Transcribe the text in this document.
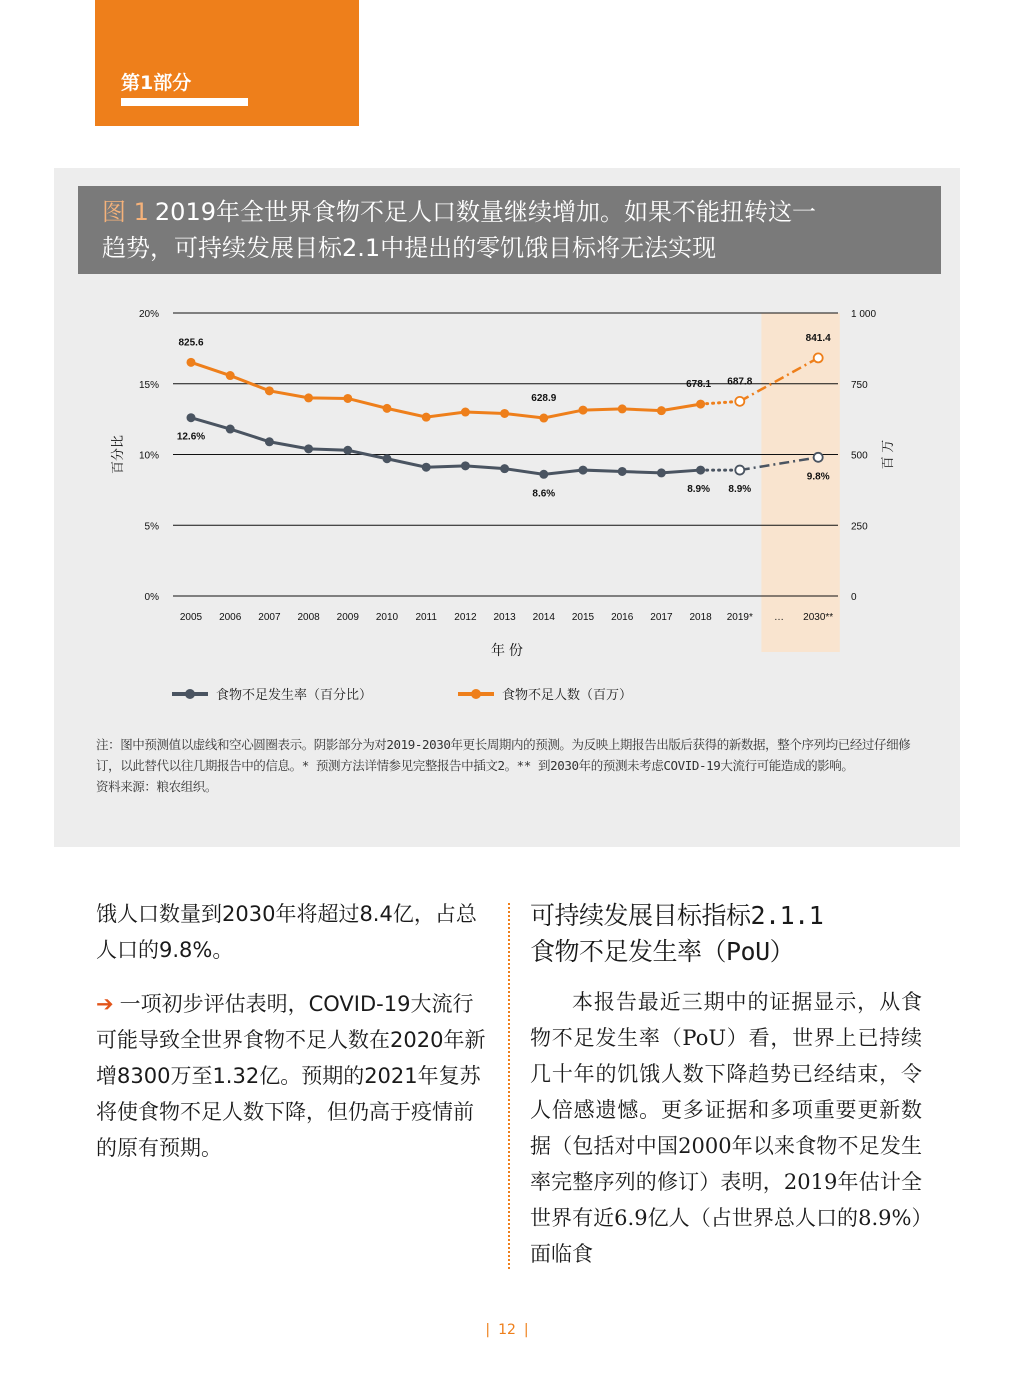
第1部分
图 1 2019年全世界食物不足人口数量继续增加。如果不能扭转这一
趋势，可持续发展目标2.1中提出的零饥饿目标将无法实现
0%	0
5%	250
10%	500
15%	750
20%	1 000
2005 2006 2007 2008 2009 2010 2011 2012 2013 2014 2015 2016 2017 2018 2019* … 2030**
年 份
百分比	百 万
12.6%
8.6%	8.9% 8.9%
9.8%
825.6
628.9
678.1 687.8
841.4
食物不足发生率（百分比）	食物不足人数（百万）
注：图中预测值以虚线和空心圆圈表示。阴影部分为对2019-2030年更长周期内的预测。为反映上期报告出版后获得的新数据，整个序列均已经过仔细修订，以此替代以往几期报告中的信息。* 预测方法详情参见完整报告中插文2。** 到2030年的预测未考虑COVID-19大流行可能造成的影响。
资料来源：粮农组织。

饿人口数量到2030年将超过8.4亿，占总人口的9.8%。

➔ 一项初步评估表明，COVID-19大流行可能导致全世界食物不足人数在2020年新增8300万至1.32亿。预期的2021年复苏将使食物不足人数下降，但仍高于疫情前的原有预期。

可持续发展目标指标2.1.1
食物不足发生率（PoU）
本报告最近三期中的证据显示，从食物不足发生率（PoU）看，世界上已持续几十年的饥饿人数下降趋势已经结束，令人倍感遗憾。更多证据和多项重要更新数据（包括对中国2000年以来食物不足发生率完整序列的修订）表明，2019年估计全世界有近6.9亿人（占世界总人口的8.9%）面临食
| 12 |
